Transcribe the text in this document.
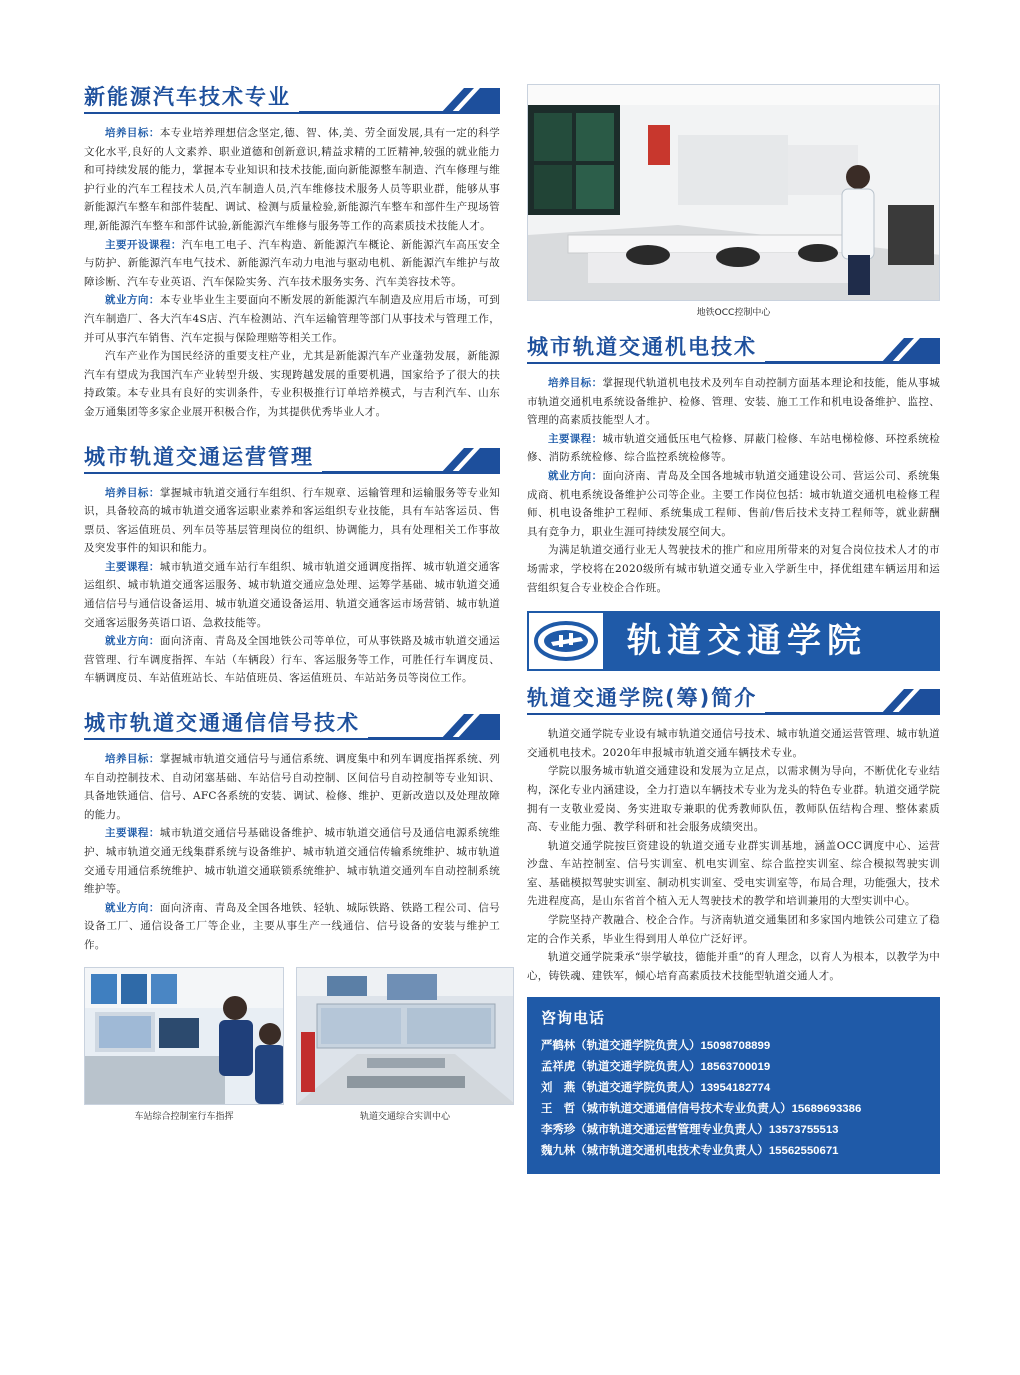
新能源汽车技术专业

培养目标：本专业培养理想信念坚定,德、智、体,美、劳全面发展,具有一定的科学文化水平,良好的人文素养、职业道德和创新意识,精益求精的工匠精神,较强的就业能力和可持续发展的能力，掌握本专业知识和技术技能,面向新能源整车制造、汽车修理与维护行业的汽车工程技术人员,汽车制造人员,汽车维修技术服务人员等职业群，能够从事新能源汽车整车和部件装配、调试、检测与质量检验,新能源汽车整车和部件生产现场管理,新能源汽车整车和部件试验,新能源汽车维修与服务等工作的高素质技术技能人才。

主要开设课程：汽车电工电子、汽车构造、新能源汽车概论、新能源汽车高压安全与防护、新能源汽车电气技术、新能源汽车动力电池与驱动电机、新能源汽车维护与故障诊断、汽车专业英语、汽车保险实务、汽车技术服务实务、汽车美容技术等。

就业方向：本专业毕业生主要面向不断发展的新能源汽车制造及应用后市场，可到汽车制造厂、各大汽车4S店、汽车检测站、汽车运输管理等部门从事技术与管理工作，并可从事汽车销售、汽车定损与保险理赔等相关工作。

汽车产业作为国民经济的重要支柱产业，尤其是新能源汽车产业蓬勃发展，新能源汽车有望成为我国汽车产业转型升级、实现跨越发展的重要机遇，国家给予了很大的扶持政策。本专业具有良好的实训条件，专业积极推行订单培养模式，与吉利汽车、山东金万通集团等多家企业展开积极合作，为其提供优秀毕业人才。

城市轨道交通运营管理

培养目标：掌握城市轨道交通行车组织、行车规章、运输管理和运输服务等专业知识，具备较高的城市轨道交通客运职业素养和客运组织专业技能，具有车站客运员、售票员、客运值班员、列车员等基层管理岗位的组织、协调能力，具有处理相关工作事故及突发事件的知识和能力。

主要课程：城市轨道交通车站行车组织、城市轨道交通调度指挥、城市轨道交通客运组织、城市轨道交通客运服务、城市轨道交通应急处理、运筹学基础、城市轨道交通通信信号与通信设备运用、城市轨道交通设备运用、轨道交通客运市场营销、城市轨道交通客运服务英语口语、急救技能等。

就业方向：面向济南、青岛及全国地铁公司等单位，可从事铁路及城市轨道交通运营管理、行车调度指挥、车站（车辆段）行车、客运服务等工作，可胜任行车调度员、车辆调度员、车站值班站长、车站值班员、客运值班员、车站站务员等岗位工作。

城市轨道交通通信信号技术

培养目标：掌握城市轨道交通信号与通信系统、调度集中和列车调度指挥系统、列车自动控制技术、自动闭塞基础、车站信号自动控制、区间信号自动控制等专业知识、具备地铁通信、信号、AFC各系统的安装、调试、检修、维护、更新改造以及处理故障的能力。

主要课程：城市轨道交通信号基础设备维护、城市轨道交通信号及通信电源系统维护、城市轨道交通无线集群系统与设备维护、城市轨道交通信传输系统维护、城市轨道交通专用通信系统维护、城市轨道交通联锁系统维护、城市轨道交通列车自动控制系统维护等。

就业方向：面向济南、青岛及全国各地铁、轻轨、城际铁路、铁路工程公司、信号设备工厂、通信设备工厂等企业，主要从事生产一线通信、信号设备的安装与维护工作。

车站综合控制室行车指挥	轨道交通综合实训中心
地铁OCC控制中心
城市轨道交通机电技术

培养目标：掌握现代轨道机电技术及列车自动控制方面基本理论和技能，能从事城市轨道交通机电系统设备维护、检修、管理、安装、施工工作和机电设备维护、监控、管理的高素质技能型人才。

主要课程：城市轨道交通低压电气检修、屏蔽门检修、车站电梯检修、环控系统检修、消防系统检修、综合监控系统检修等。

就业方向：面向济南、青岛及全国各地城市轨道交通建设公司、营运公司、系统集成商、机电系统设备维护公司等企业。主要工作岗位包括：城市轨道交通机电检修工程师、机电设备维护工程师、系统集成工程师、售前/售后技术支持工程师等，就业薪酬具有竞争力，职业生涯可持续发展空间大。

为满足轨道交通行业无人驾驶技术的推广和应用所带来的对复合岗位技术人才的市场需求，学校将在2020级所有城市轨道交通专业入学新生中，择优组建车辆运用和运营组织复合专业校企合作班。

轨道交通学院
轨道交通学院(筹)简介

轨道交通学院专业设有城市轨道交通信号技术、城市轨道交通运营管理、城市轨道交通机电技术。2020年申报城市轨道交通车辆技术专业。

学院以服务城市轨道交通建设和发展为立足点，以需求侧为导向，不断优化专业结构，深化专业内涵建设，全力打造以车辆技术专业为龙头的特色专业群。轨道交通学院拥有一支敬业爱岗、务实进取专兼职的优秀教师队伍，教师队伍结构合理、整体素质高、专业能力强、教学科研和社会服务成绩突出。

轨道交通学院按巨资建设的轨道交通专业群实训基地，涵盖OCC调度中心、运营沙盘、车站控制室、信号实训室、机电实训室、综合监控实训室、综合模拟驾驶实训室、基础模拟驾驶实训室、制动机实训室、受电实训室等，布局合理，功能强大，技术先进程度高，是山东省首个植入无人驾驶技术的教学和培训兼用的大型实训中心。

学院坚持产教融合、校企合作。与济南轨道交通集团和多家国内地铁公司建立了稳定的合作关系，毕业生得到用人单位广泛好评。

轨道交通学院秉承“崇学敏技，德能并重”的育人理念，以育人为根本，以教学为中心，铸铁魂、建铁军，倾心培育高素质技术技能型轨道交通人才。

咨询电话
严鹤林（轨道交通学院负责人）15098708899
孟祥虎（轨道交通学院负责人）18563700019
刘　燕（轨道交通学院负责人）13954182774
王　哲（城市轨道交通通信信号技术专业负责人）15689693386
李秀珍（城市轨道交通运营管理专业负责人）13573755513
魏九林（城市轨道交通机电技术专业负责人）15562550671
